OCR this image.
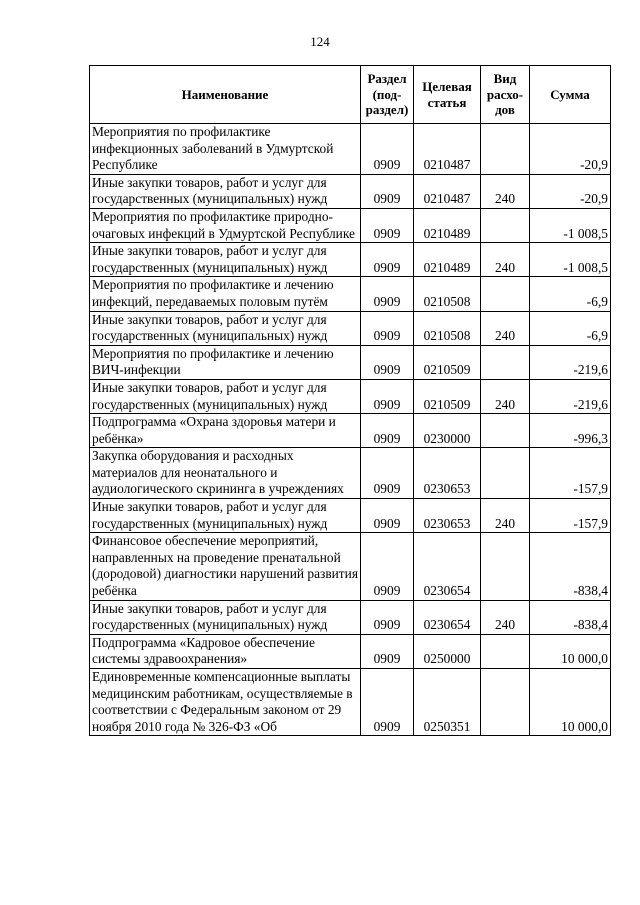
124
Наименование	Раздел (под-раздел)	Целевая статья	Вид расхо-дов	Сумма
Мероприятия по профилактике инфекционных заболеваний в Удмуртской Республике	0909	0210487		-20,9
Иные закупки товаров, работ и услуг для государственных (муниципальных) нужд	0909	0210487	240	-20,9
Мероприятия по профилактике природно-очаговых инфекций в Удмуртской Республике	0909	0210489		-1 008,5
Иные закупки товаров, работ и услуг для государственных (муниципальных) нужд	0909	0210489	240	-1 008,5
Мероприятия по профилактике и лечению инфекций, передаваемых половым путём	0909	0210508		-6,9
Иные закупки товаров, работ и услуг для государственных (муниципальных) нужд	0909	0210508	240	-6,9
Мероприятия по профилактике и лечению ВИЧ-инфекции	0909	0210509		-219,6
Иные закупки товаров, работ и услуг для государственных (муниципальных) нужд	0909	0210509	240	-219,6
Подпрограмма «Охрана здоровья матери и ребёнка»	0909	0230000		-996,3
Закупка оборудования и расходных материалов для неонатального и аудиологического скрининга в учреждениях	0909	0230653		-157,9
Иные закупки товаров, работ и услуг для государственных (муниципальных) нужд	0909	0230653	240	-157,9
Финансовое обеспечение мероприятий, направленных на проведение пренатальной (дородовой) диагностики нарушений развития ребёнка	0909	0230654		-838,4
Иные закупки товаров, работ и услуг для государственных (муниципальных) нужд	0909	0230654	240	-838,4
Подпрограмма «Кадровое обеспечение системы здравоохранения»	0909	0250000		10 000,0
Единовременные компенсационные выплаты медицинским работникам, осуществляемые в соответствии с Федеральным законом от 29 ноября 2010 года № 326-ФЗ «Об	0909	0250351		10 000,0
